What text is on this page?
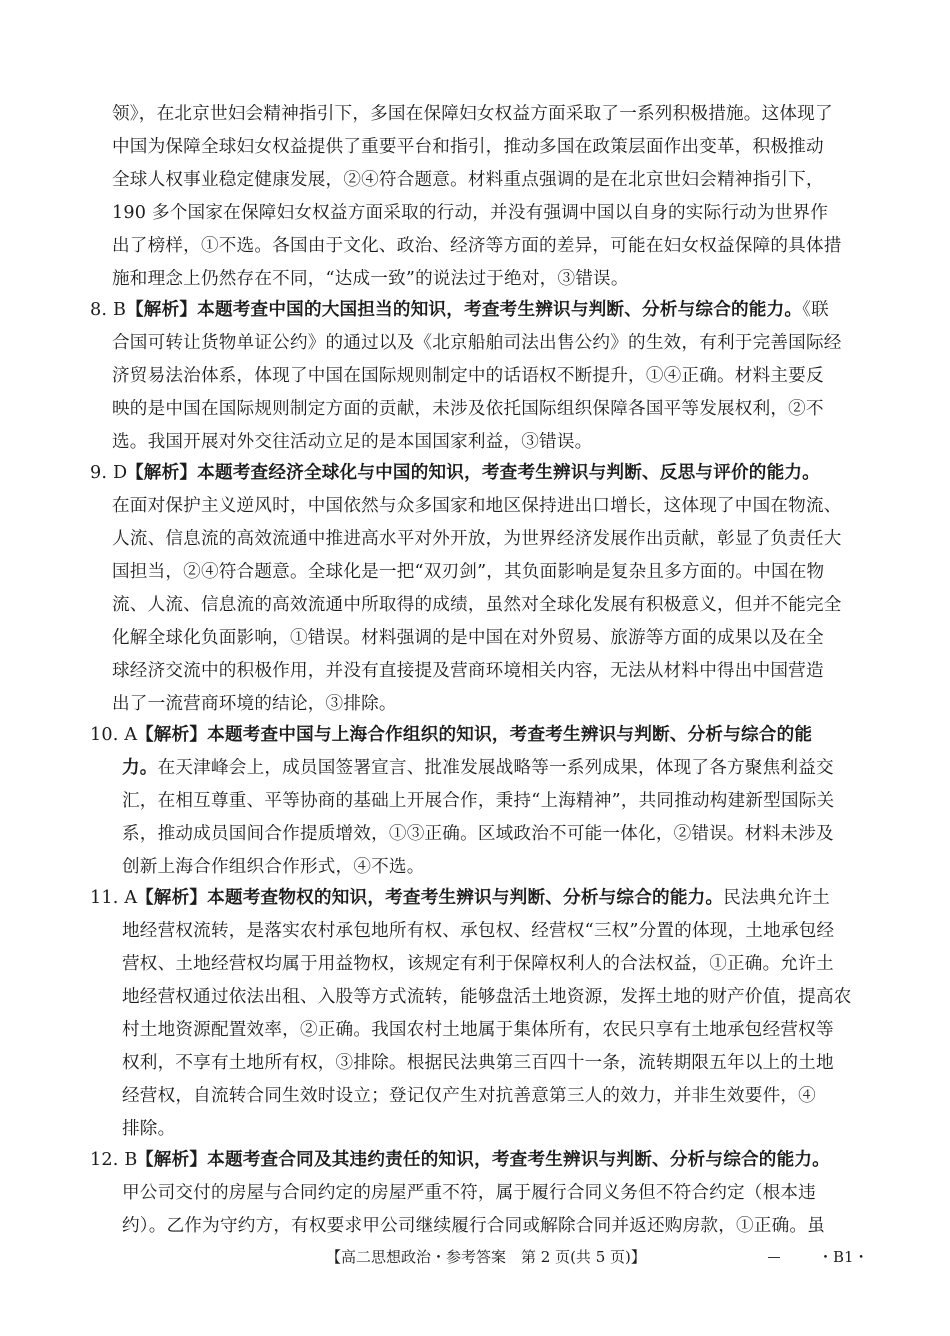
领》，在北京世妇会精神指引下，多国在保障妇女权益方面采取了一系列积极措施。这体现了
中国为保障全球妇女权益提供了重要平台和指引，推动多国在政策层面作出变革，积极推动
全球人权事业稳定健康发展，②④符合题意。材料重点强调的是在北京世妇会精神指引下，
190 多个国家在保障妇女权益方面采取的行动，并没有强调中国以自身的实际行动为世界作
出了榜样，①不选。各国由于文化、政治、经济等方面的差异，可能在妇女权益保障的具体措
施和理念上仍然存在不同，“达成一致”的说法过于绝对，③错误。
8. B【解析】本题考查中国的大国担当的知识，考查考生辨识与判断、分析与综合的能力。《联
合国可转让货物单证公约》的通过以及《北京船舶司法出售公约》的生效，有利于完善国际经
济贸易法治体系，体现了中国在国际规则制定中的话语权不断提升，①④正确。材料主要反
映的是中国在国际规则制定方面的贡献，未涉及依托国际组织保障各国平等发展权利，②不
选。我国开展对外交往活动立足的是本国国家利益，③错误。
9. D【解析】本题考查经济全球化与中国的知识，考查考生辨识与判断、反思与评价的能力。
在面对保护主义逆风时，中国依然与众多国家和地区保持进出口增长，这体现了中国在物流、
人流、信息流的高效流通中推进高水平对外开放，为世界经济发展作出贡献，彰显了负责任大
国担当，②④符合题意。全球化是一把“双刃剑”，其负面影响是复杂且多方面的。中国在物
流、人流、信息流的高效流通中所取得的成绩，虽然对全球化发展有积极意义，但并不能完全
化解全球化负面影响，①错误。材料强调的是中国在对外贸易、旅游等方面的成果以及在全
球经济交流中的积极作用，并没有直接提及营商环境相关内容，无法从材料中得出中国营造
出了一流营商环境的结论，③排除。
10. A【解析】本题考查中国与上海合作组织的知识，考查考生辨识与判断、分析与综合的能
力。在天津峰会上，成员国签署宣言、批准发展战略等一系列成果，体现了各方聚焦利益交
汇，在相互尊重、平等协商的基础上开展合作，秉持“上海精神”，共同推动构建新型国际关
系，推动成员国间合作提质增效，①③正确。区域政治不可能一体化，②错误。材料未涉及
创新上海合作组织合作形式，④不选。
11. A【解析】本题考查物权的知识，考查考生辨识与判断、分析与综合的能力。民法典允许土
地经营权流转，是落实农村承包地所有权、承包权、经营权“三权”分置的体现，土地承包经
营权、土地经营权均属于用益物权，该规定有利于保障权利人的合法权益，①正确。允许土
地经营权通过依法出租、入股等方式流转，能够盘活土地资源，发挥土地的财产价值，提高农
村土地资源配置效率，②正确。我国农村土地属于集体所有，农民只享有土地承包经营权等
权利，不享有土地所有权，③排除。根据民法典第三百四十一条，流转期限五年以上的土地
经营权，自流转合同生效时设立；登记仅产生对抗善意第三人的效力，并非生效要件，④
排除。
12. B【解析】本题考查合同及其违约责任的知识，考查考生辨识与判断、分析与综合的能力。
甲公司交付的房屋与合同约定的房屋严重不符，属于履行合同义务但不符合约定（根本违
约）。乙作为守约方，有权要求甲公司继续履行合同或解除合同并返还购房款，①正确。虽
【高二思想政治・参考答案　第 2 页(共 5 页)】	・B1・
